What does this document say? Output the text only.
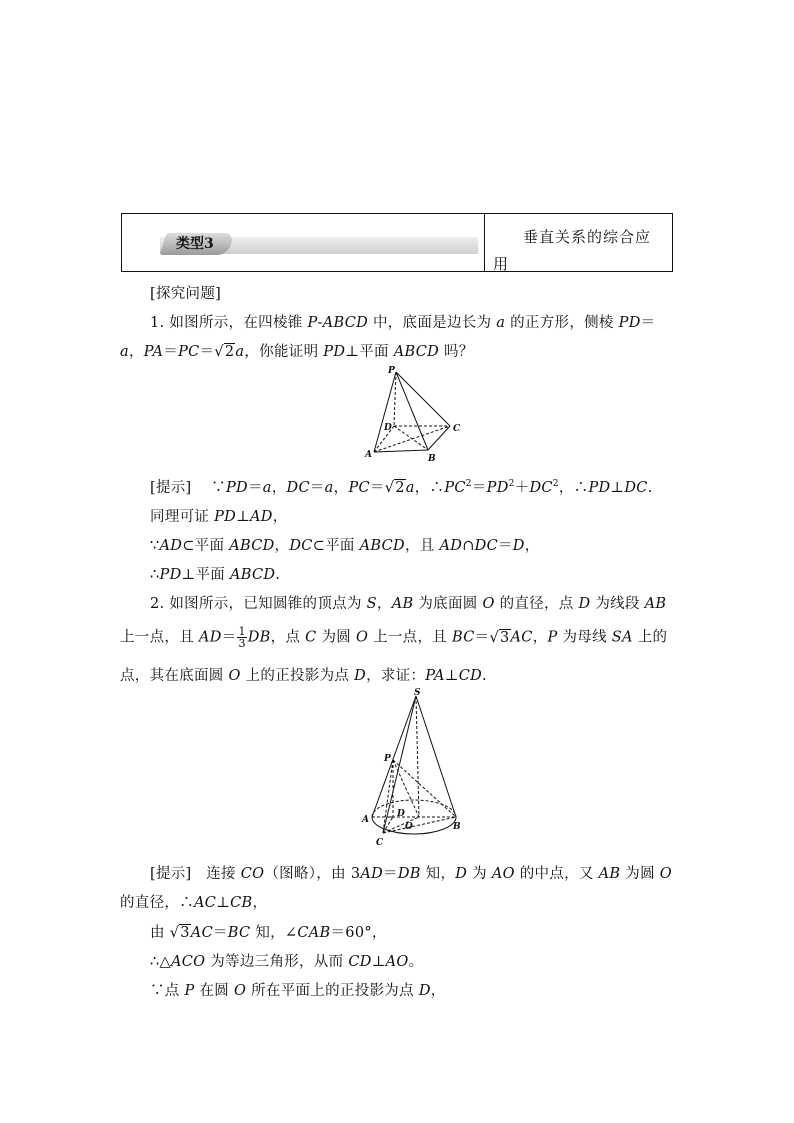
类型3	垂直关系的综合应
用
[探究问题]
1. 如图所示，在四棱锥 P-ABCD 中，底面是边长为 a 的正方形，侧棱 PD＝
a，PA＝PC＝√2a，你能证明 PD⊥平面 ABCD 吗？
P
D	C
A	B
[提示] ∵PD＝a，DC＝a，PC＝√2a，$\therefore PC^2=PD^2+DC^2$，∴PD⊥DC.
同理可证 PD⊥AD，
∵AD⊂平面 ABCD，DC⊂平面 ABCD，且 AD∩DC＝D，
∴PD⊥平面 ABCD.
2. 如图所示，已知圆锥的顶点为 S，AB 为底面圆 O 的直径，点 D 为线段 AB
上一点，且 $AD= \frac{1}{3}$ DB，点 C 为圆 O 上一点，且 BC＝√3AC，P 为母线 SA 上的
点，其在底面圆 O 上的正投影为点 D，求证：PA⊥CD.
S
P
A
D
O	B
C
[提示] 连接 CO（图略），由 3AD＝DB 知，D 为 AO 的中点，又 AB 为圆 O
的直径，∴AC⊥CB，
由 √3AC＝BC 知，∠CAB＝60°，
∴△ACO 为等边三角形，从而 CD⊥AO。
∵点 P 在圆 O 所在平面上的正投影为点 D，
